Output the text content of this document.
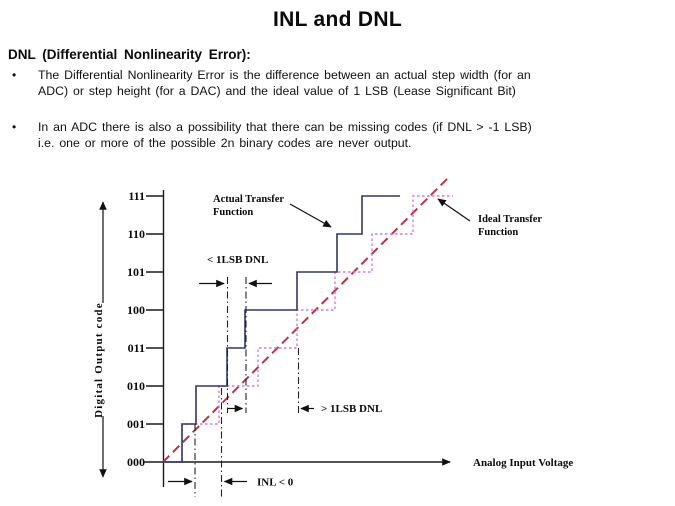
INL and DNL
DNL (Differential Nonlinearity Error):
•	The Differential Nonlinearity Error is the difference between an actual step width (for an
ADC) or step height (for a DAC) and the ideal value of 1 LSB (Lease Significant Bit)
•	In an ADC there is also a possibility that there can be missing codes (if DNL > -1 LSB)
i.e. one or more of the possible 2n binary codes are never output.
Digital Output code
111
110
101
100
011
010
001
000	Analog Input Voltage
Actual Transfer
Function
Ideal Transfer
Function
< 1LSB DNL
> 1LSB DNL
INL < 0
